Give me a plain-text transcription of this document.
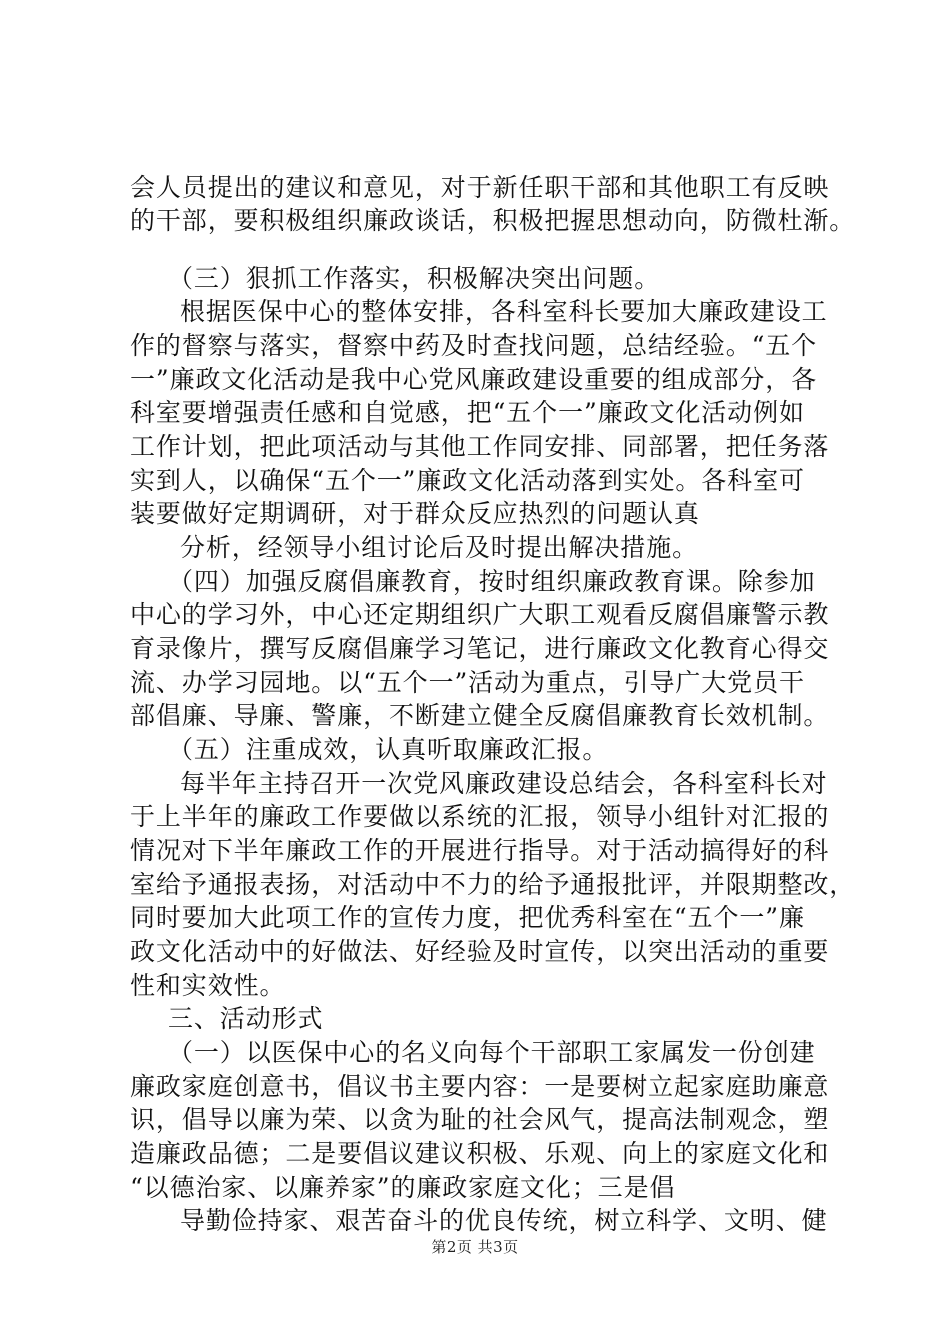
会人员提出的建议和意见，对于新任职干部和其他职工有反映
的干部，要积极组织廉政谈话，积极把握思想动向，防微杜渐。
（三）狠抓工作落实，积极解决突出问题。
根据医保中心的整体安排，各科室科长要加大廉政建设工
作的督察与落实，督察中药及时查找问题，总结经验。“五个
一”廉政文化活动是我中心党风廉政建设重要的组成部分，各
科室要增强责任感和自觉感，把“五个一”廉政文化活动例如
工作计划，把此项活动与其他工作同安排、同部署，把任务落
实到人，以确保“五个一”廉政文化活动落到实处。各科室可
装要做好定期调研，对于群众反应热烈的问题认真
分析，经领导小组讨论后及时提出解决措施。
（四）加强反腐倡廉教育，按时组织廉政教育课。除参加
中心的学习外，中心还定期组织广大职工观看反腐倡廉警示教
育录像片，撰写反腐倡廉学习笔记，进行廉政文化教育心得交
流、办学习园地。以“五个一”活动为重点，引导广大党员干
部倡廉、导廉、警廉，不断建立健全反腐倡廉教育长效机制。
（五）注重成效，认真听取廉政汇报。
每半年主持召开一次党风廉政建设总结会，各科室科长对
于上半年的廉政工作要做以系统的汇报，领导小组针对汇报的
情况对下半年廉政工作的开展进行指导。对于活动搞得好的科
室给予通报表扬，对活动中不力的给予通报批评，并限期整改，
同时要加大此项工作的宣传力度，把优秀科室在“五个一”廉
政文化活动中的好做法、好经验及时宣传，以突出活动的重要
性和实效性。
三、活动形式
（一）以医保中心的名义向每个干部职工家属发一份创建
廉政家庭创意书，倡议书主要内容：一是要树立起家庭助廉意
识，倡导以廉为荣、以贪为耻的社会风气，提高法制观念，塑
造廉政品德；二是要倡议建议积极、乐观、向上的家庭文化和
“以德治家、以廉养家”的廉政家庭文化；三是倡
导勤俭持家、艰苦奋斗的优良传统，树立科学、文明、健
第2页 共3页
